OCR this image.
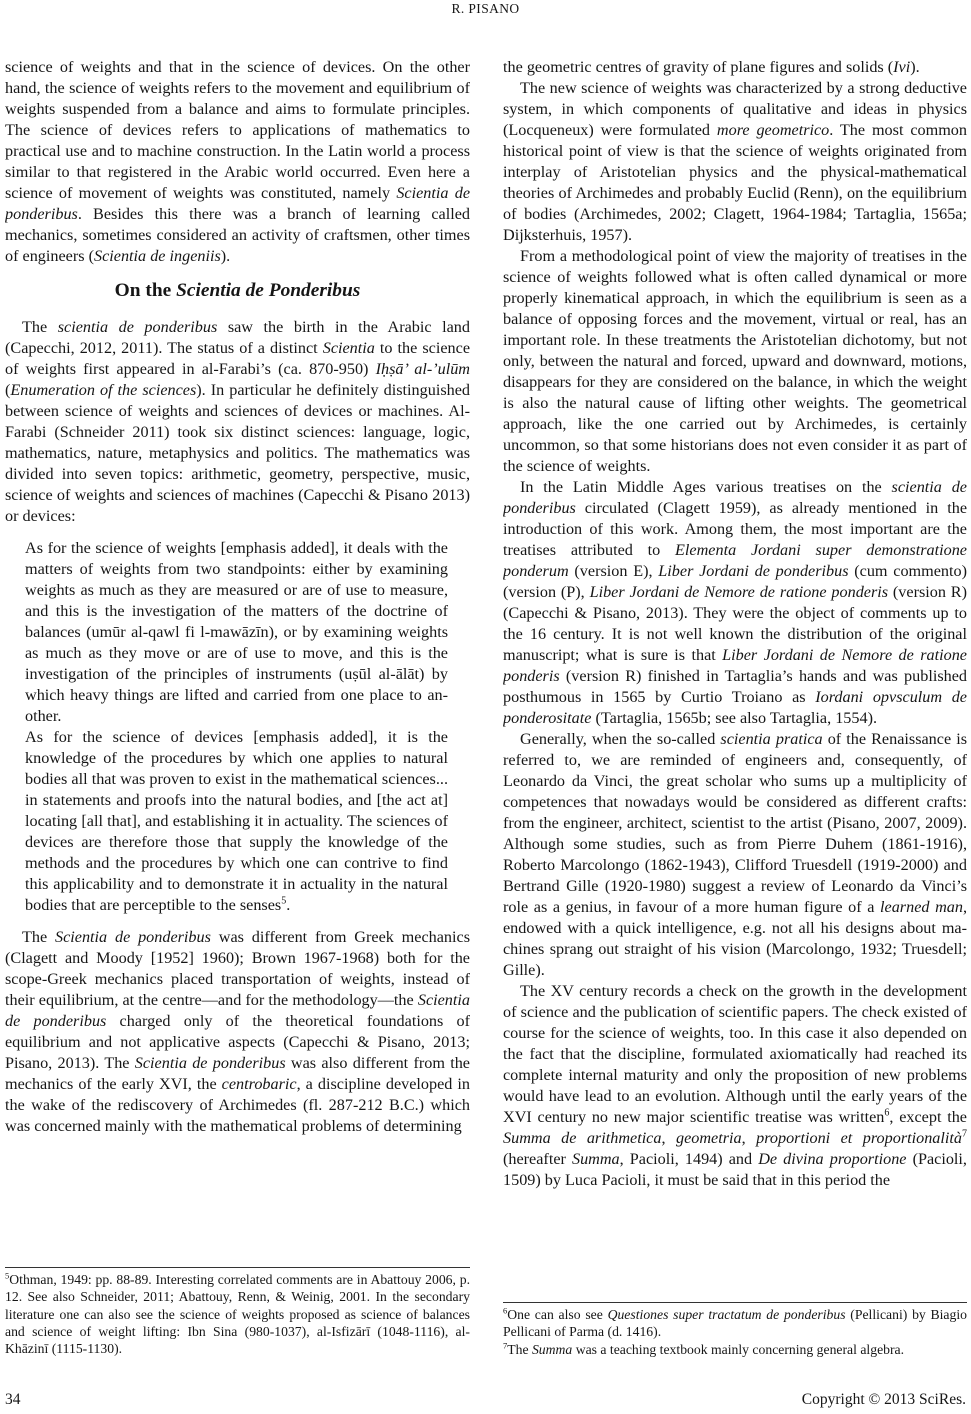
R. PISANO
science of weights and that in the science of devices. On the other hand, the science of weights refers to the movement and equilibrium of weights suspended from a balance and aims to formulate principles. The science of devices refers to applications of mathematics to practical use and to machine construction. In the Latin world a process similar to that registered in the Arabic world occurred. Even here a science of movement of weights was constituted, namely Scientia de ponderibus. Besides this there was a branch of learning called mechanics, sometimes considered an activity of craftsmen, other times of engineers (Scientia de ingeniis).
On the Scientia de Ponderibus
The scientia de ponderibus saw the birth in the Arabic land (Capecchi, 2012, 2011). The status of a distinct Scientia to the science of weights first appeared in al-Farabi’s (ca. 870-950) Iḥṣā’ al-’ulūm (Enumeration of the sciences). In particular he definitely distinguished between science of weights and sciences of devices or machines. Al-Farabi (Schneider 2011) took six distinct sciences: language, logic, mathematics, nature, metaphysics and politics. The mathematics was divided into seven topics: arithmetic, geometry, perspective, music, science of weights and sciences of machines (Capecchi & Pisano 2013) or devices:
As for the science of weights [emphasis added], it deals with the matters of weights from two standpoints: either by examining weights as much as they are measured or are of use to measure, and this is the investigation of the matters of the doctrine of balances (umūr al-qawl fi l-mawāzīn), or by examining weights as much as they move or are of use to move, and this is the investigation of the principles of instruments (uṣūl al-ālāt) by which heavy things are lifted and carried from one place to another.
As for the science of devices [emphasis added], it is the knowledge of the procedures by which one applies to natural bodies all that was proven to exist in the mathematical sciences... in statements and proofs into the natural bodies, and [the act at] locating [all that], and establishing it in actuality. The sciences of devices are therefore those that supply the knowledge of the methods and the procedures by which one can contrive to find this applicability and to demonstrate it in actuality in the natural bodies that are perceptible to the senses$^5$.
The Scientia de ponderibus was different from Greek mechanics (Clagett and Moody [1952] 1960); Brown 1967-1968) both for the scope-Greek mechanics placed transportation of weights, instead of their equilibrium, at the centre—and for the methodology—the Scientia de ponderibus charged only of the theoretical foundations of equilibrium and not applicative aspects (Capecchi & Pisano, 2013; Pisano, 2013). The Scientia de ponderibus was also different from the mechanics of the early XVI, the centrobaric, a discipline developed in the wake of the rediscovery of Archimedes (fl. 287-212 B.C.) which was concerned mainly with the mathematical problems of determining
the geometric centres of gravity of plane figures and solids (Ivi).
The new science of weights was characterized by a strong deductive system, in which components of qualitative and ideas in physics (Locqueneux) were formulated more geometrico. The most common historical point of view is that the science of weights originated from interplay of Aristotelian physics and the physical-mathematical theories of Archimedes and probably Euclid (Renn), on the equilibrium of bodies (Archimedes, 2002; Clagett, 1964-1984; Tartaglia, 1565a; Dijksterhuis, 1957).
From a methodological point of view the majority of treatises in the science of weights followed what is often called dynamical or more properly kinematical approach, in which the equilibrium is seen as a balance of opposing forces and the movement, virtual or real, has an important role. In these treatments the Aristotelian dichotomy, but not only, between the natural and forced, upward and downward, motions, disappears for they are considered on the balance, in which the weight is also the natural cause of lifting other weights. The geometrical approach, like the one carried out by Archimedes, is certainly uncommon, so that some historians does not even consider it as part of the science of weights.
In the Latin Middle Ages various treatises on the scientia de ponderibus circulated (Clagett 1959), as already mentioned in the introduction of this work. Among them, the most important are the treatises attributed to Elementa Jordani super demonstratione ponderum (version E), Liber Jordani de ponderibus (cum commento) (version (P), Liber Jordani de Nemore de ratione ponderis (version R) (Capecchi & Pisano, 2013). They were the object of comments up to the 16 century. It is not well known the distribution of the original manuscript; what is sure is that Liber Jordani de Nemore de ratione ponderis (version R) finished in Tartaglia’s hands and was published posthumous in 1565 by Curtio Troiano as Iordani opvsculum de ponderositate (Tartaglia, 1565b; see also Tartaglia, 1554).
Generally, when the so-called scientia pratica of the Renaissance is referred to, we are reminded of engineers and, consequently, of Leonardo da Vinci, the great scholar who sums up a multiplicity of competences that nowadays would be considered as different crafts: from the engineer, architect, scientist to the artist (Pisano, 2007, 2009). Although some studies, such as from Pierre Duhem (1861-1916), Roberto Marcolongo (1862-1943), Clifford Truesdell (1919-2000) and Bertrand Gille (1920-1980) suggest a review of Leonardo da Vinci’s role as a genius, in favour of a more human figure of a learned man, endowed with a quick intelligence, e.g. not all his designs about machines sprang out straight of his vision (Marcolongo, 1932; Truesdell; Gille).
The XV century records a check on the growth in the development of science and the publication of scientific papers. The check existed of course for the science of weights, too. In this case it also depended on the fact that the discipline, formulated axiomatically had reached its complete internal maturity and only the proposition of new problems would have lead to an evolution. Although until the early years of the XVI century no new major scientific treatise was written$^6$, except the Summa de arithmetica, geometria, proportioni et proportionalità$^7$ (hereafter Summa, Pacioli, 1494) and De divina proportione (Pacioli, 1509) by Luca Pacioli, it must be said that in this period the
$^5$Othman, 1949: pp. 88-89. Interesting correlated comments are in Abattouy 2006, p. 12. See also Schneider, 2011; Abattouy, Renn, & Weinig, 2001. In the secondary literature one can also see the science of weights proposed as science of balances and science of weight lifting: Ibn Sina (980-1037), al-Isfizārī (1048-1116), al-Khāzinī (1115-1130).
$^6$One can also see Questiones super tractatum de ponderibus (Pellicani) by Biagio Pellicani of Parma (d. 1416).
$^7$The Summa was a teaching textbook mainly concerning general algebra.
34	Copyright © 2013 SciRes.
